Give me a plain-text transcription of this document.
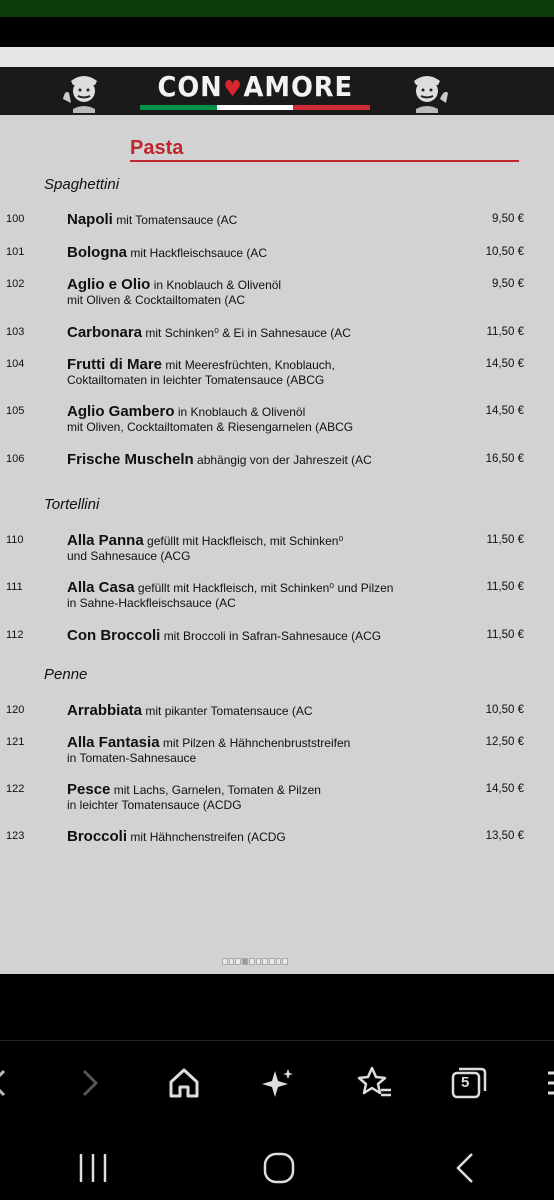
CON♥AMORE
Pasta
Spaghettini
100	Napoli mit Tomatensauce (AC	9,50 €
101	Bologna mit Hackfleischsauce (AC	10,50 €
102	Aglio e Olio in Knoblauch & Olivenöl
mit Oliven & Cocktailtomaten (AC
9,50 €
103	Carbonara mit Schinken⁰ & Ei in Sahnesauce (AC	11,50 €
104	Frutti di Mare mit Meeresfrüchten, Knoblauch,
Coktailtomaten in leichter Tomatensauce (ABCG
14,50 €
105	Aglio Gambero in Knoblauch & Olivenöl
mit Oliven, Cocktailtomaten & Riesengarnelen (ABCG
14,50 €
106	Frische Muscheln abhängig von der Jahreszeit (AC	16,50 €
Tortellini
110	Alla Panna gefüllt mit Hackfleisch, mit Schinken⁰
und Sahnesauce (ACG
11,50 €
111	Alla Casa gefüllt mit Hackfleisch, mit Schinken⁰ und Pilzen
in Sahne-Hackfleischsauce (AC
11,50 €
112	Con Broccoli mit Broccoli in Safran-Sahnesauce (ACG	11,50 €
Penne
120	Arrabbiata mit pikanter Tomatensauce (AC	10,50 €
121	Alla Fantasia mit Pilzen & Hähnchenbruststreifen
in Tomaten-Sahnesauce
12,50 €
122	Pesce mit Lachs, Garnelen, Tomaten & Pilzen
in leichter Tomatensauce (ACDG
14,50 €
123	Broccoli mit Hähnchenstreifen (ACDG	13,50 €
5
